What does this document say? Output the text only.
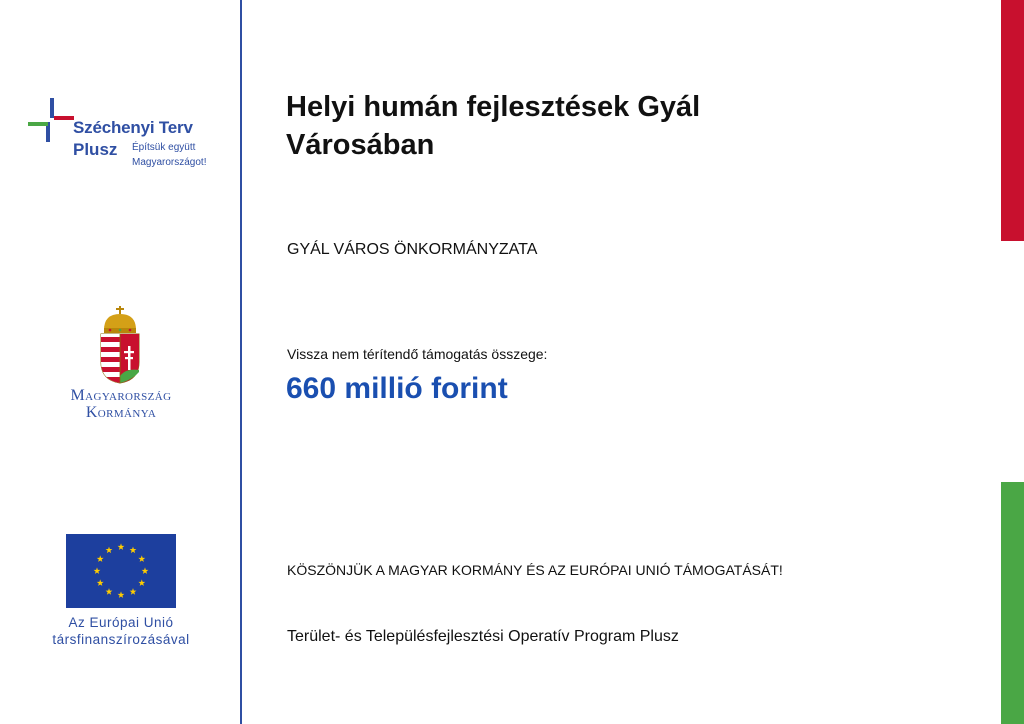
Széchenyi Terv
Plusz Építsük együtt
Magyarországot!
Magyarország
Kormánya
Az Európai Unió
társfinanszírozásával
Helyi humán fejlesztések Gyál Városában
GYÁL VÁROS ÖNKORMÁNYZATA
Vissza nem térítendő támogatás összege:
660 millió forint
KÖSZÖNJÜK A MAGYAR KORMÁNY ÉS AZ EURÓPAI UNIÓ TÁMOGATÁSÁT!
Terület- és Településfejlesztési Operatív Program Plusz
